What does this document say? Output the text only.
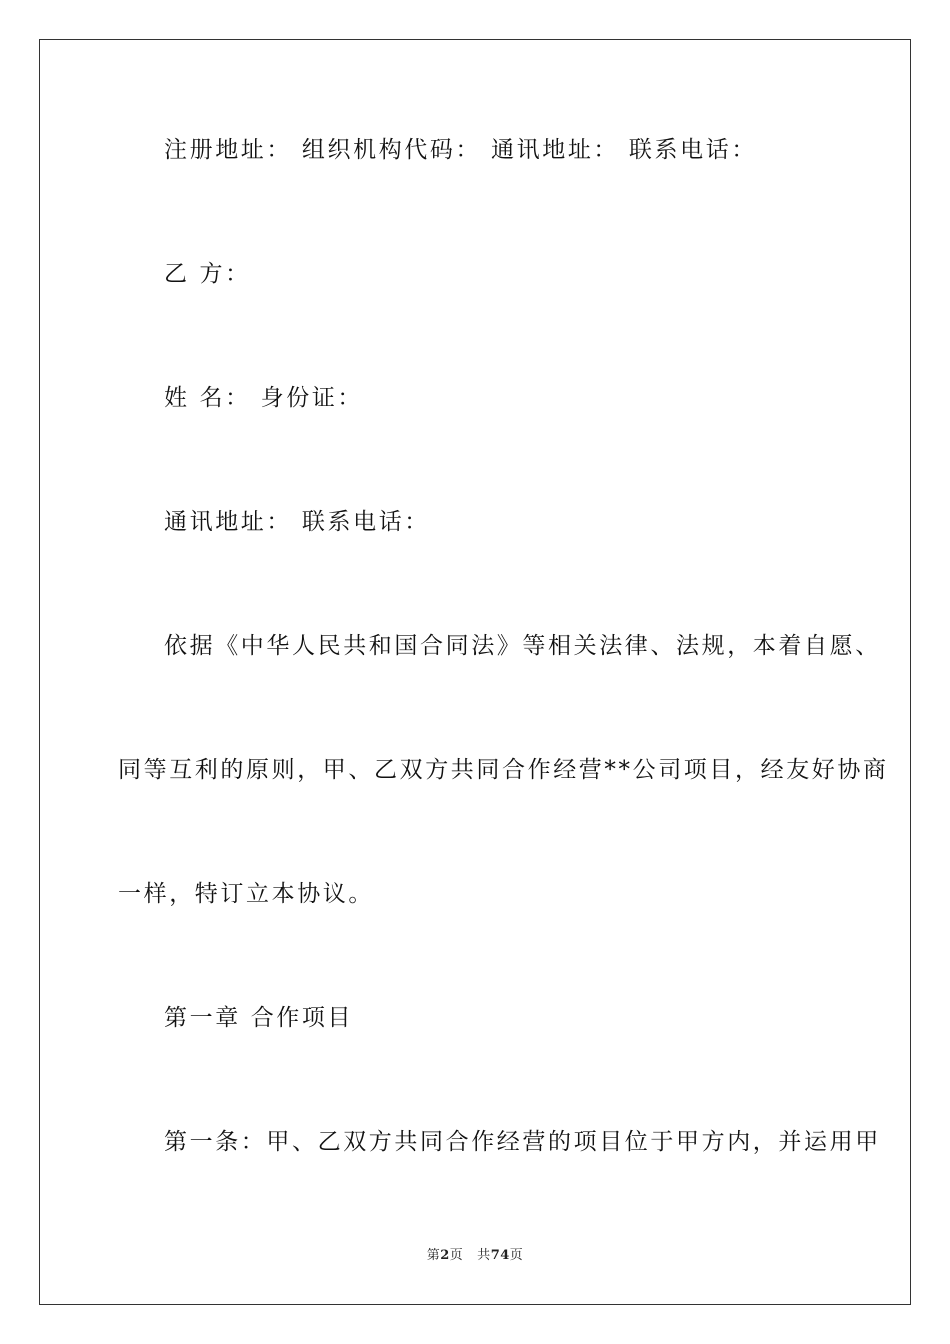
注册地址： 组织机构代码： 通讯地址： 联系电话：
乙 方：
姓 名： 身份证：
通讯地址： 联系电话：
依据《中华人民共和国合同法》等相关法律、法规，本着自愿、
同等互利的原则，甲、乙双方共同合作经营**公司项目，经友好协商
一样，特订立本协议。
第一章 合作项目
第一条：甲、乙双方共同合作经营的项目位于甲方内，并运用甲
第2页 共74页
